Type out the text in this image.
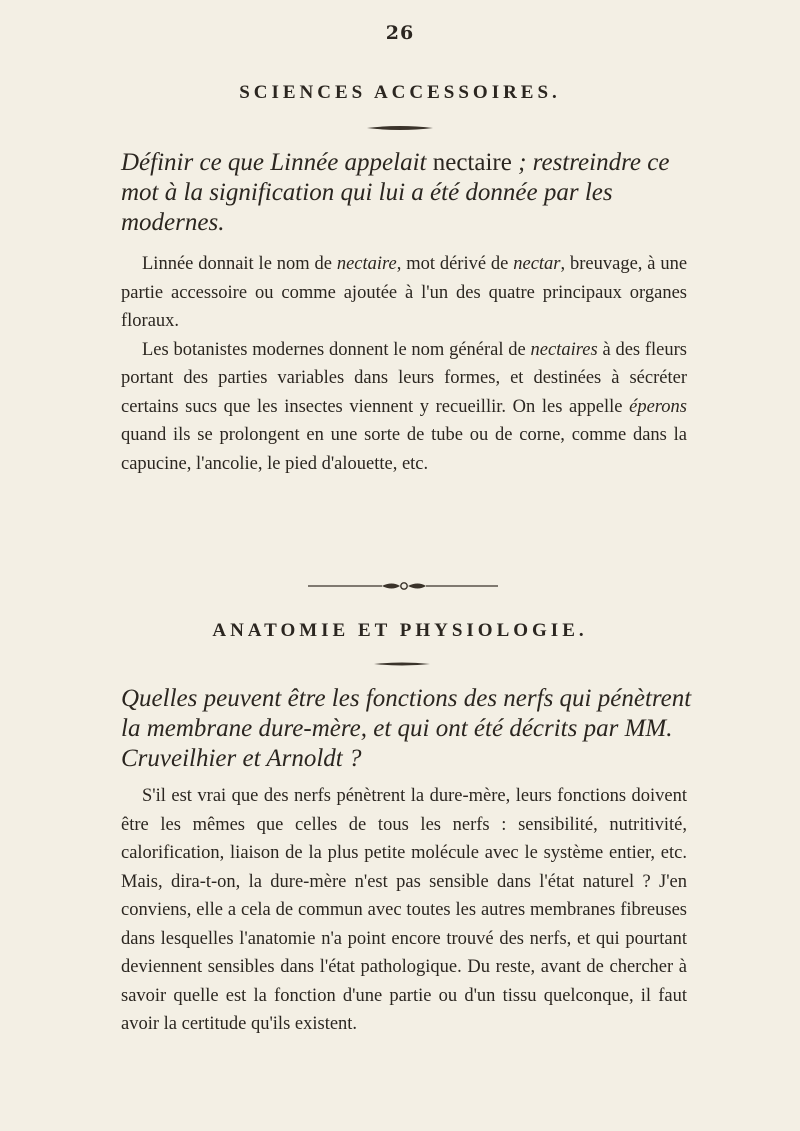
26
SCIENCES ACCESSOIRES.
Définir ce que Linnée appelait nectaire ; restreindre ce mot à la signification qui lui a été donnée par les modernes.

Linnée donnait le nom de nectaire, mot dérivé de nectar, breuvage, à une partie accessoire ou comme ajoutée à l'un des quatre principaux organes floraux.

Les botanistes modernes donnent le nom général de nectaires à des fleurs portant des parties variables dans leurs formes, et destinées à sécréter certains sucs que les insectes viennent y recueillir. On les appelle éperons quand ils se prolongent en une sorte de tube ou de corne, comme dans la capucine, l'ancolie, le pied d'alouette, etc.

ANATOMIE ET PHYSIOLOGIE.
Quelles peuvent être les fonctions des nerfs qui pénètrent la membrane dure-mère, et qui ont été décrits par MM. Cruveilhier et Arnoldt ?

S'il est vrai que des nerfs pénètrent la dure-mère, leurs fonctions doivent être les mêmes que celles de tous les nerfs : sensibilité, nutritivité, calorification, liaison de la plus petite molécule avec le système entier, etc. Mais, dira-t-on, la dure-mère n'est pas sensible dans l'état naturel ? J'en conviens, elle a cela de commun avec toutes les autres membranes fibreuses dans lesquelles l'anatomie n'a point encore trouvé des nerfs, et qui pourtant deviennent sensibles dans l'état pathologique. Du reste, avant de chercher à savoir quelle est la fonction d'une partie ou d'un tissu quelconque, il faut avoir la certitude qu'ils existent.
